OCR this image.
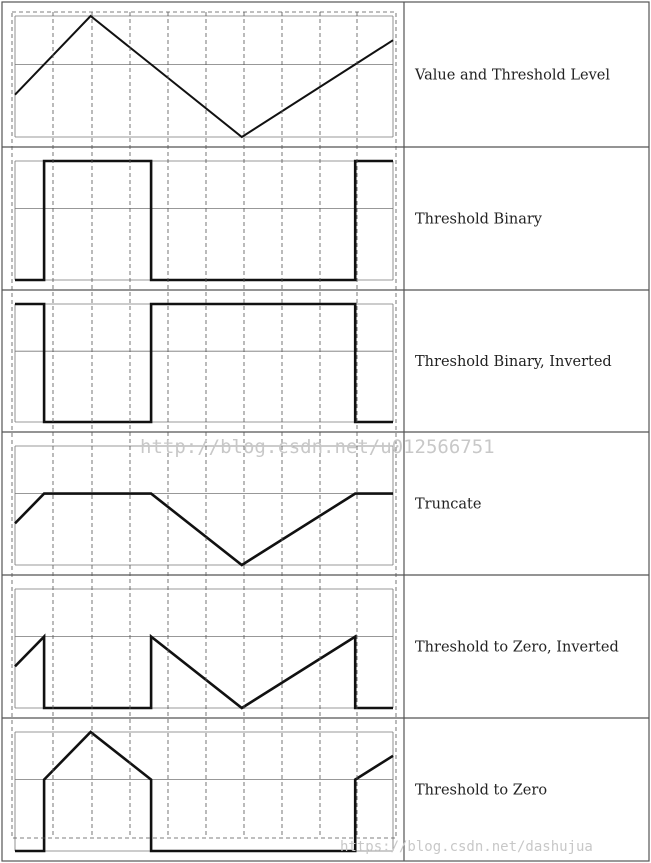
Value and Threshold Level
Threshold Binary
Threshold Binary, Inverted
Truncate
Threshold to Zero, Inverted
Threshold to Zero
http://blog.csdn.net/u012566751
https://blog.csdn.net/dashujua
